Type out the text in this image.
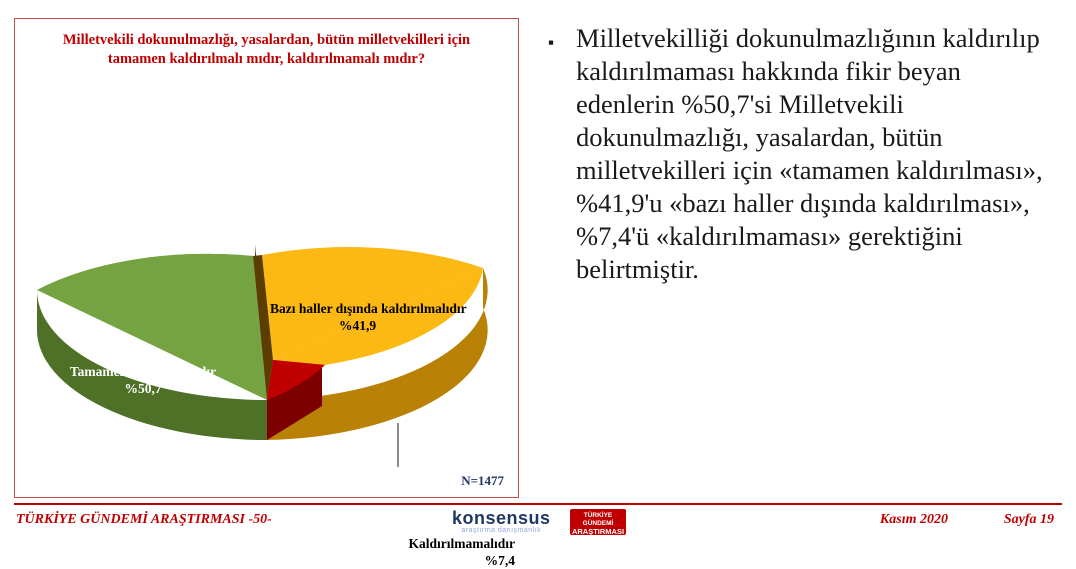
Milletvekili dokunulmazlığı, yasalardan, bütün milletvekilleri için tamamen kaldırılmalı mıdır, kaldırılmamalı mıdır?
Tamamen kaldırılmalıdır
%50,7
Bazı haller dışında kaldırılmalıdır
%41,9
Kaldırılmamalıdır
%7,4
N=1477
▪ Milletvekilliği dokunulmazlığının kaldırılıp kaldırılmaması hakkında fikir beyan edenlerin %50,7'si Milletvekili dokunulmazlığı, yasalardan, bütün milletvekilleri için «tamamen kaldırılması», %41,9'u «bazı haller dışında kaldırılması», %7,4'ü «kaldırılmaması» gerektiğini belirtmiştir.
TÜRKİYE GÜNDEMİ ARAŞTIRMASI -50-	konsensus
araştırma danışmanlık
TÜRKİYE GÜNDEMİ
ARAŞTIRMASI
Kasım 2020	Sayfa 19
